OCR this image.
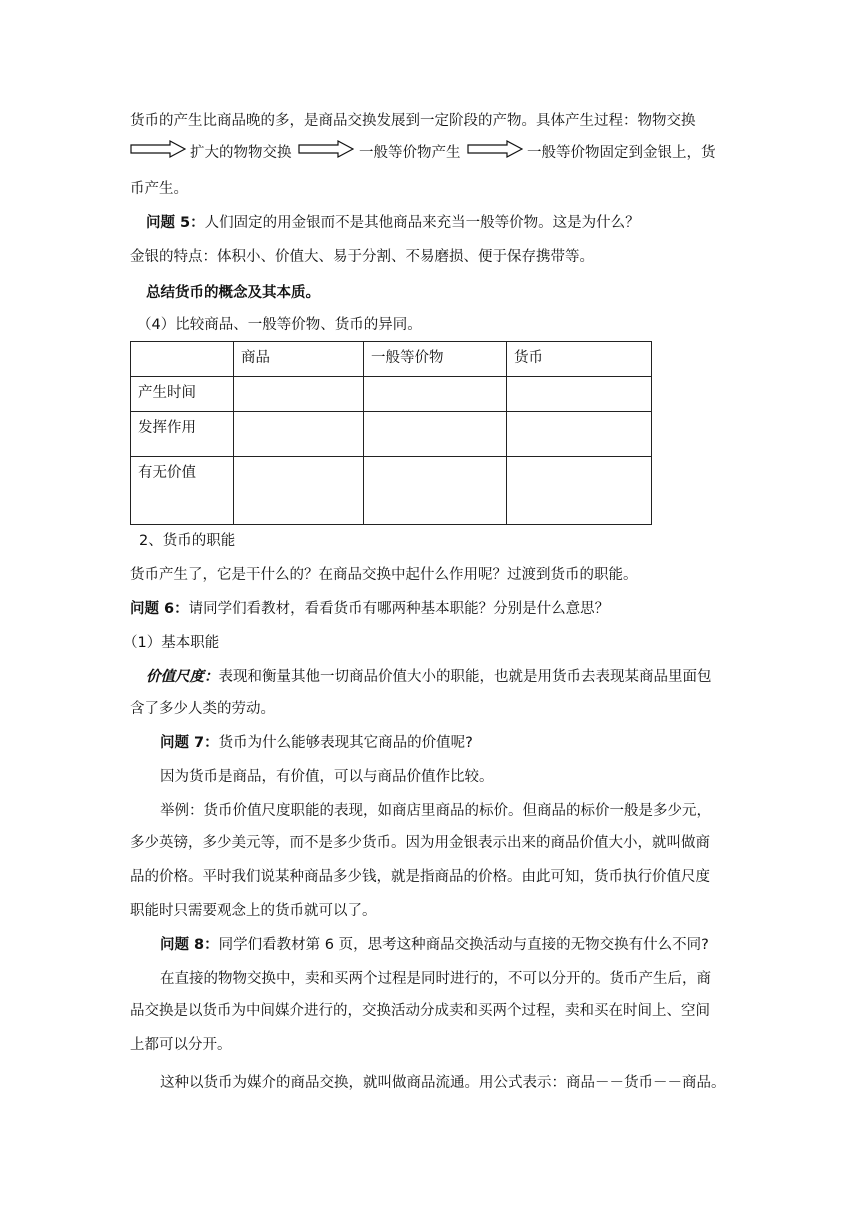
货币的产生比商品晚的多，是商品交换发展到一定阶段的产物。具体产生过程：物物交换
扩大的物物交换	一般等价物产生	一般等价物固定到金银上，货
币产生。
问题 5：人们固定的用金银而不是其他商品来充当一般等价物。这是为什么？
金银的特点：体积小、价值大、易于分割、不易磨损、便于保存携带等。
总结货币的概念及其本质。
（4）比较商品、一般等价物、货币的异同。
	商品	一般等价物	货币
产生时间			
发挥作用			
有无价值			
2、货币的职能
货币产生了，它是干什么的？在商品交换中起什么作用呢？过渡到货币的职能。
问题 6：请同学们看教材，看看货币有哪两种基本职能？分别是什么意思？
（1）基本职能
价值尺度：表现和衡量其他一切商品价值大小的职能，也就是用货币去表现某商品里面包
含了多少人类的劳动。
问题 7：货币为什么能够表现其它商品的价值呢?
因为货币是商品，有价值，可以与商品价值作比较。
举例：货币价值尺度职能的表现，如商店里商品的标价。但商品的标价一般是多少元，
多少英镑，多少美元等，而不是多少货币。因为用金银表示出来的商品价值大小，就叫做商
品的价格。平时我们说某种商品多少钱，就是指商品的价格。由此可知，货币执行价值尺度
职能时只需要观念上的货币就可以了。
问题 8：同学们看教材第 6 页，思考这种商品交换活动与直接的无物交换有什么不同?
在直接的物物交换中，卖和买两个过程是同时进行的，不可以分开的。货币产生后，商
品交换是以货币为中间媒介进行的，交换活动分成卖和买两个过程，卖和买在时间上、空间
上都可以分开。
这种以货币为媒介的商品交换，就叫做商品流通。用公式表示：商品－－货币－－商品。
